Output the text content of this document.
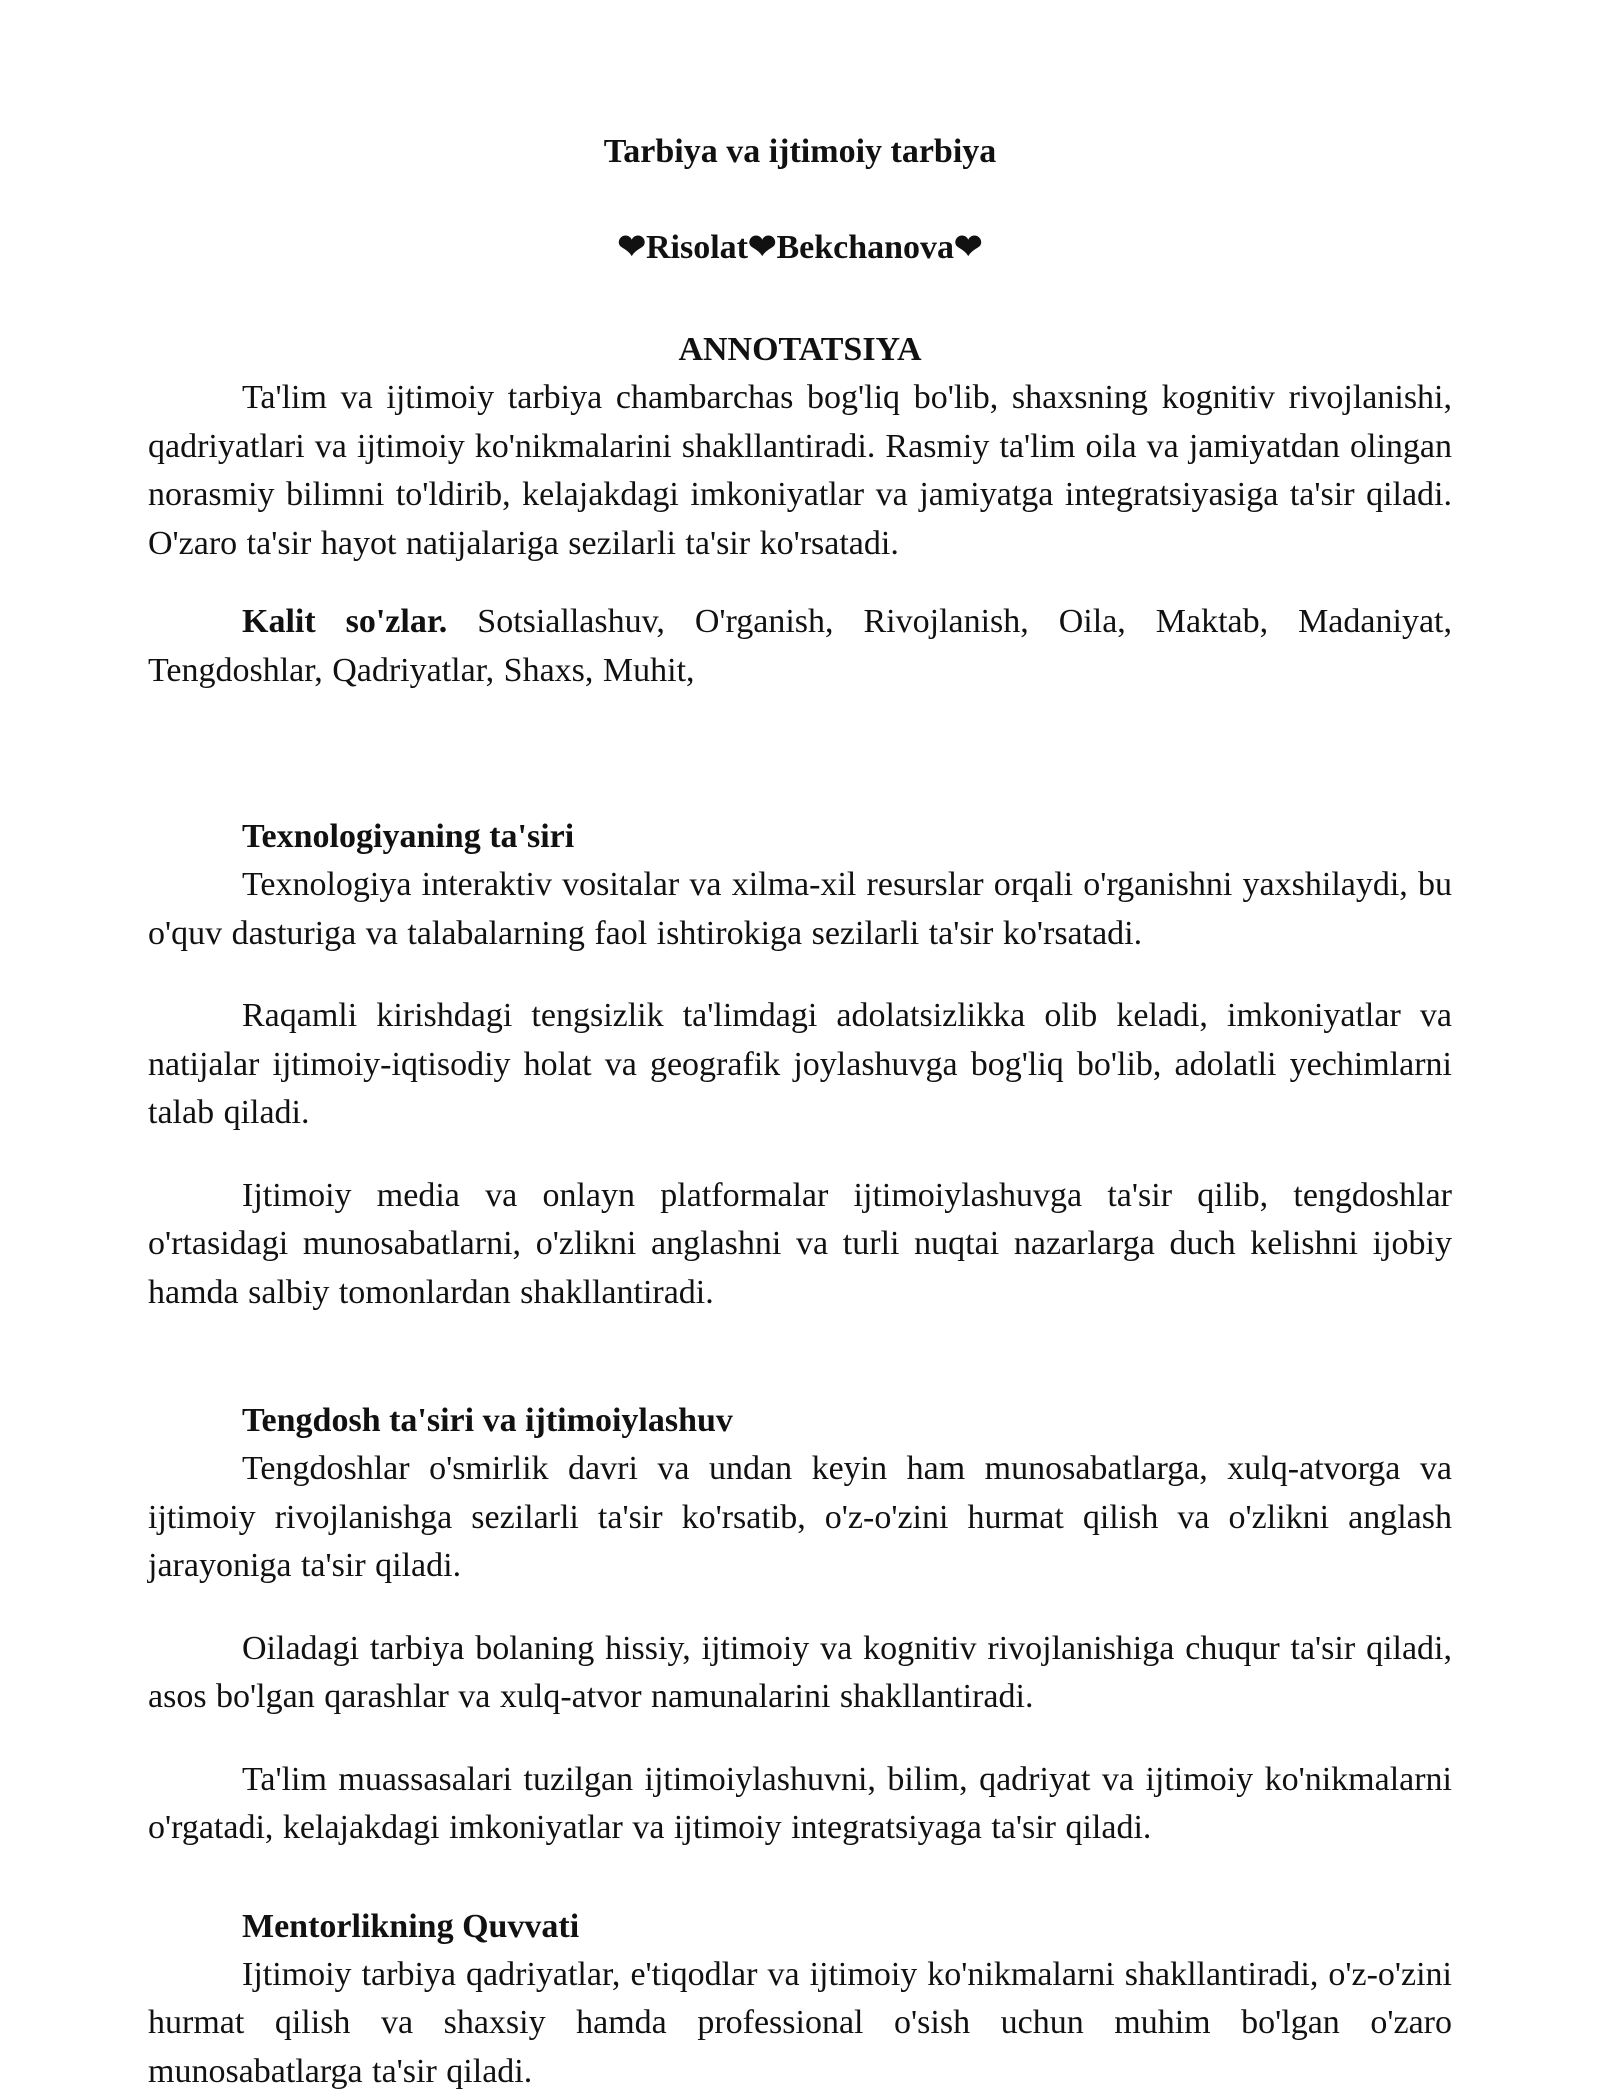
Tarbiya va ijtimoiy tarbiya
❤Risolat❤Bekchanova❤
ANNOTATSIYA

Ta'lim va ijtimoiy tarbiya chambarchas bog'liq bo'lib, shaxsning kognitiv rivojlanishi, qadriyatlari va ijtimoiy ko'nikmalarini shakllantiradi. Rasmiy ta'lim oila va jamiyatdan olingan norasmiy bilimni to'ldirib, kelajakdagi imkoniyatlar va jamiyatga integratsiyasiga ta'sir qiladi. O'zaro ta'sir hayot natijalariga sezilarli ta'sir ko'rsatadi.

Kalit so'zlar. Sotsiallashuv, O'rganish, Rivojlanish, Oila, Maktab, Madaniyat, Tengdoshlar, Qadriyatlar, Shaxs, Muhit,

Texnologiyaning ta'siri

Texnologiya interaktiv vositalar va xilma-xil resurslar orqali o'rganishni yaxshilaydi, bu o'quv dasturiga va talabalarning faol ishtirokiga sezilarli ta'sir ko'rsatadi.

Raqamli kirishdagi tengsizlik ta'limdagi adolatsizlikka olib keladi, imkoniyatlar va natijalar ijtimoiy-iqtisodiy holat va geografik joylashuvga bog'liq bo'lib, adolatli yechimlarni talab qiladi.

Ijtimoiy media va onlayn platformalar ijtimoiylashuvga ta'sir qilib, tengdoshlar o'rtasidagi munosabatlarni, o'zlikni anglashni va turli nuqtai nazarlarga duch kelishni ijobiy hamda salbiy tomonlardan shakllantiradi.

Tengdosh ta'siri va ijtimoiylashuv

Tengdoshlar o'smirlik davri va undan keyin ham munosabatlarga, xulq-atvorga va ijtimoiy rivojlanishga sezilarli ta'sir ko'rsatib, o'z-o'zini hurmat qilish va o'zlikni anglash jarayoniga ta'sir qiladi.

Oiladagi tarbiya bolaning hissiy, ijtimoiy va kognitiv rivojlanishiga chuqur ta'sir qiladi, asos bo'lgan qarashlar va xulq-atvor namunalarini shakllantiradi.

Ta'lim muassasalari tuzilgan ijtimoiylashuvni, bilim, qadriyat va ijtimoiy ko'nikmalarni o'rgatadi, kelajakdagi imkoniyatlar va ijtimoiy integratsiyaga ta'sir qiladi.

Mentorlikning Quvvati

Ijtimoiy tarbiya qadriyatlar, e'tiqodlar va ijtimoiy ko'nikmalarni shakllantiradi, o'z-o'zini hurmat qilish va shaxsiy hamda professional o'sish uchun muhim bo'lgan o'zaro munosabatlarga ta'sir qiladi.
